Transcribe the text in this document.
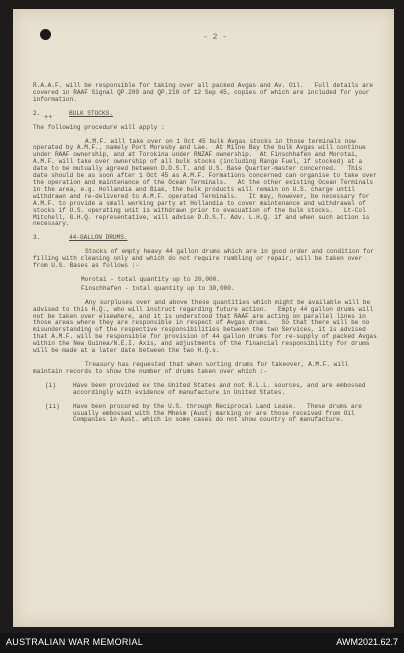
- 2 -

R.A.A.F. will be responsible for taking over all packed Avgas and Av. Oil.   Full details are covered in RAAF Signal QP.209 and QP.210 of 12 Sep 45, copies of which are included for your information.

2.	BULK STOCKS.

The following procedure will apply :

A.M.F. will take over on 1 Oct 45 bulk Avgas stocks in those terminals now operated by A.M.F., namely Port Moresby and Lae.  At Milne Bay the bulk Avgas will continue under RAAF ownership, and at Torokina under RNZAF ownership.  At Finschhafen and Morotai, A.M.F. will take over ownership of all bulk stocks (including Range Fuel, if stocked) at a date to be mutually agreed between D.D.S.T. and U.S. Base Quarter-master concerned.   This date should be as soon after 1 Oct 45 as A.M.F. Formations concerned can organise to take over the operation and maintenance of the Ocean Terminals.   At the other existing Ocean Terminals in the area, e.g. Hollandia and Biak, the bulk products will remain on U.S. charge until withdrawn and re-delivered to A.M.F. operated Terminals.   It may, however, be necessary for A.M.F. to provide a small working party at Hollandia to cover maintenance and withdrawal of stocks if U.S. operating unit is withdrawn prior to evacuation of the bulk stocks.   Lt-Col Mitchell, G.H.Q. representative, will advise D.D.S.T. Adv. L.H.Q. if and when such action is necessary.

3.	44-GALLON DRUMS.

Stocks of empty heavy 44 gallon drums which are in good order and condition for filling with cleaning only and which do not require rumbling or repair, will be taken over from U.S. Bases as follows :-

Morotai - total quantity up to 20,000.
Finschhafen - total quantity up to 30,000.

Any surpluses over and above these quantities which might be available will be advised to this H.Q., who will instruct regarding future action.   Empty 44 gallon drums will not be taken over elsewhere, and it is understood that RAAF are acting on parallel lines in those areas where they are responsible in respect of Avgas drums.   So that there will be no misunderstanding of the respective responsibilities between the two Services, it is advised that A.M.F. will be responsible for provision of 44 gallon drums for re-supply of packed Avgas within the New Guinea/N.E.I. Axis, and adjustments of the financial responsibility for drums will be made at a later date between the two H.Q.s.

Treasury has requested that when sorting drums for takeover, A.M.F. will maintain records to show the number of drums taken over which :-

(i)	Have been provided ex the United States and not R.L.L. sources, and are embossed accordingly with evidence of manufacture in United States.
(ii)	Have been procured by the U.S. through Reciprocal Land Lease.   These drums are usually embossed with the Mhesm (Aust) marking or are those received from Oil Companies in Aust. which in some cases do not show country of manufacture.
++
AUSTRALIAN WAR MEMORIAL	AWM2021.62.7
